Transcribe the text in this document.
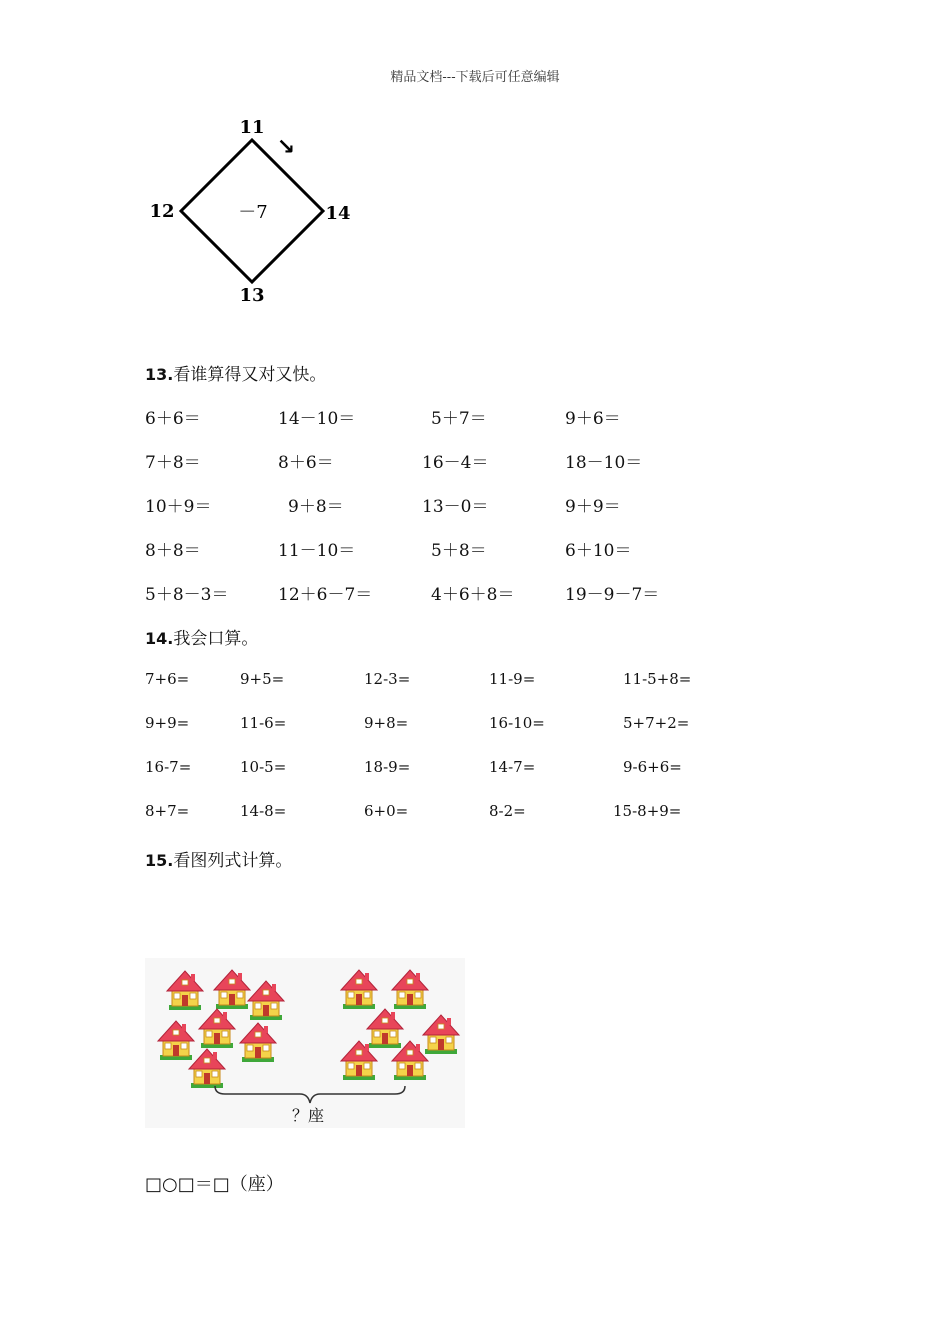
精品文档---下载后可任意编辑
11
12	14
13
－7
↘
13.看谁算得又对又快。
6＋6＝	14－10＝	5＋7＝	9＋6＝
7＋8＝	8＋6＝	16－4＝	18－10＝
10＋9＝	9＋8＝	13－0＝	9＋9＝
8＋8＝	11－10＝	5＋8＝	6＋10＝
5＋8－3＝	12＋6－7＝	4＋6＋8＝	19－9－7＝
14.我会口算。
7+6=	9+5=	12-3=	11-9=	11-5+8=
9+9=	11-6=	9+8=	16-10=	5+7+2=
16-7=	10-5=	18-9=	14-7=	9-6+6=
8+7=	14-8=	6+0=	8-2=	15-8+9=
15.看图列式计算。
？座
□○□＝□（座）
